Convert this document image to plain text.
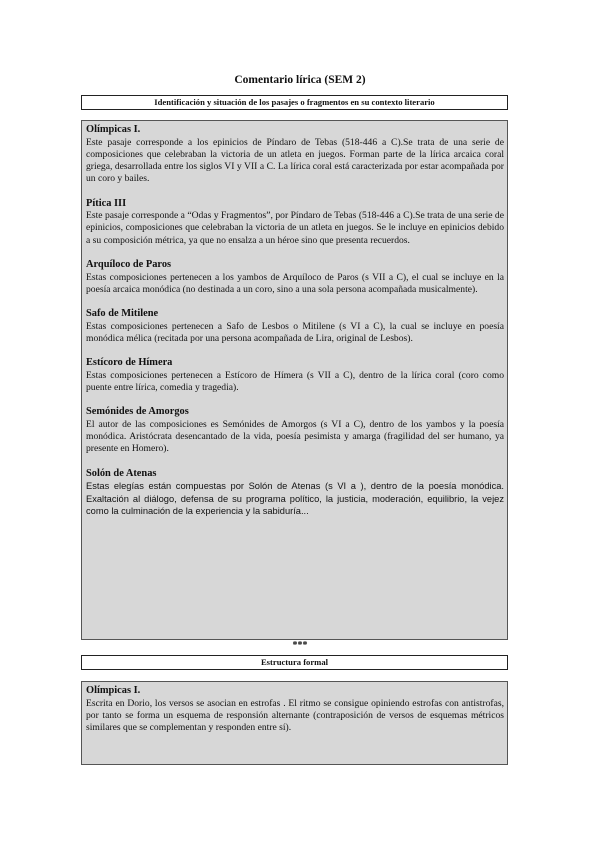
Comentario lírica (SEM 2)
Identificación y situación de los pasajes o fragmentos en su contexto literario
Olímpicas I.

Este pasaje corresponde a los epinicios de Píndaro de Tebas (518-446 a C).Se trata de una serie de composiciones que celebraban la victoria de un atleta en juegos. Forman parte de la lírica arcaica coral griega, desarrollada entre los siglos VI y VII a C. La lírica coral está caracterizada por estar acompañada por un coro y bailes.

Pítica III

Este pasaje corresponde a “Odas y Fragmentos”, por Píndaro de Tebas (518-446 a C).Se trata de una serie de epinicios, composiciones que celebraban la victoria de un atleta en juegos. Se le incluye en epinicios debido a su composición métrica, ya que no ensalza a un héroe sino que presenta recuerdos.

Arquíloco de Paros

Estas composiciones pertenecen a los yambos de Arquíloco de Paros (s VII a C), el cual se incluye en la poesía arcaica monódica (no destinada a un coro, sino a una sola persona acompañada musicalmente).

Safo de Mitilene

Estas composiciones pertenecen a Safo de Lesbos o Mitilene (s VI a C), la cual se incluye en poesía monódica mélica (recitada por una persona acompañada de Lira, original de Lesbos).

Estícoro de Hímera

Estas composiciones pertenecen a Estícoro de Hímera (s VII a C), dentro de la lírica coral (coro como puente entre lírica, comedia y tragedia).

Semónides de Amorgos

El autor de las composiciones es Semónides de Amorgos (s VI a C), dentro de los yambos y la poesía monódica. Aristócrata desencantado de la vida, poesía pesimista y amarga (fragilidad del ser humano, ya presente en Homero).

Solón de Atenas

Estas elegías están compuestas por Solón de Atenas (s VI a ), dentro de la poesía monódica. Exaltación al diálogo, defensa de su programa político, la justicia, moderación, equilibrio, la vejez como la culminación de la experiencia y la sabiduría...

***
Estructura formal
Olímpicas I.

Escrita en Dorio, los versos se asocian en estrofas . El ritmo se consigue opiniendo estrofas con antistrofas, por tanto se forma un esquema de responsión alternante (contraposición de versos de esquemas métricos similares que se complementan y responden entre sí).
